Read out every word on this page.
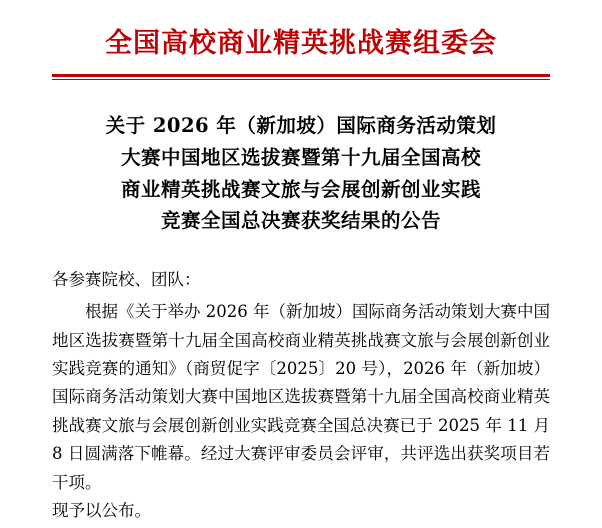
全国高校商业精英挑战赛组委会
关于 2026 年（新加坡）国际商务活动策划
大赛中国地区选拔赛暨第十九届全国高校
商业精英挑战赛文旅与会展创新创业实践
竞赛全国总决赛获奖结果的公告
各参赛院校、团队：

根据《关于举办 2026 年（新加坡）国际商务活动策划大赛中国地区选拔赛暨第十九届全国高校商业精英挑战赛文旅与会展创新创业实践竞赛的通知》（商贸促字〔2025〕20 号），2026 年（新加坡）国际商务活动策划大赛中国地区选拔赛暨第十九届全国高校商业精英挑战赛文旅与会展创新创业实践竞赛全国总决赛已于 2025 年 11 月 8 日圆满落下帷幕。经过大赛评审委员会评审，共评选出获奖项目若干项。

现予以公布。
